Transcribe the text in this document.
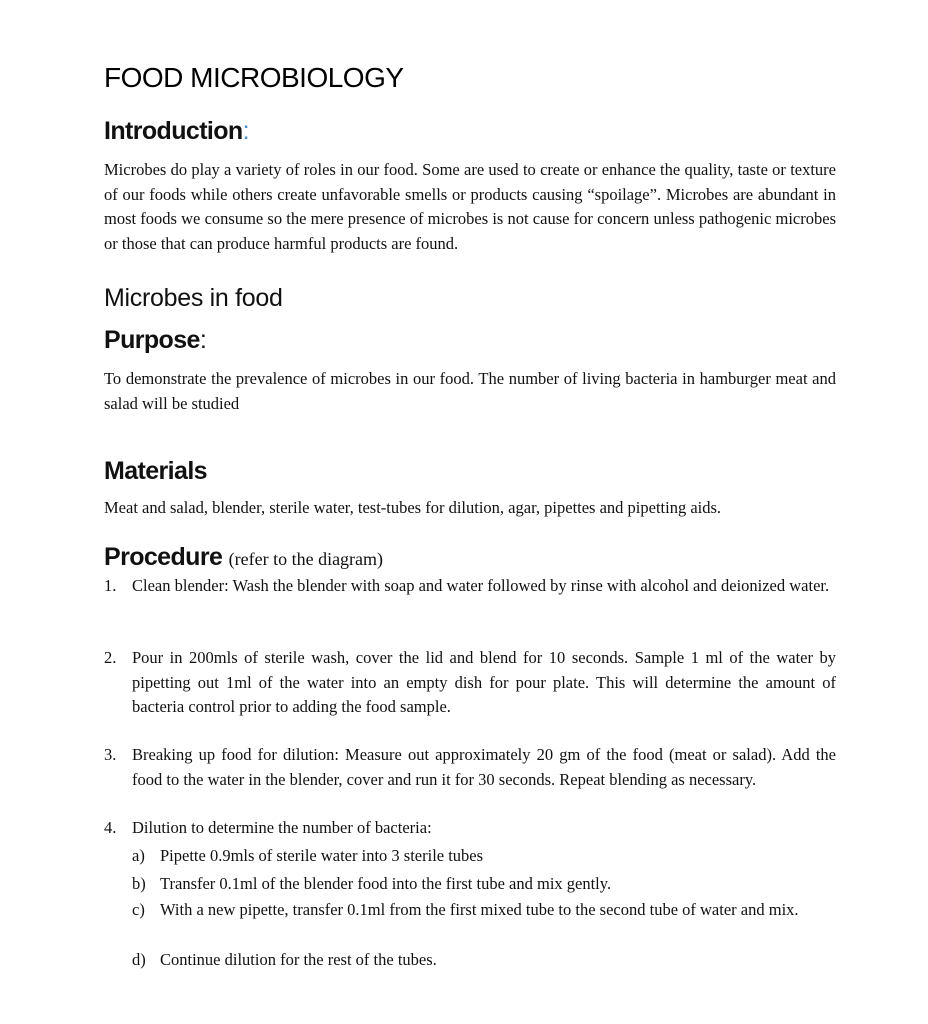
FOOD MICROBIOLOGY
Introduction:

Microbes do play a variety of roles in our food. Some are used to create or enhance the quality, taste or texture of our foods while others create unfavorable smells or products causing “spoilage”. Microbes are abundant in most foods we consume so the mere presence of microbes is not cause for concern unless pathogenic microbes or those that can produce harmful products are found.

Microbes in food
Purpose:

To demonstrate the prevalence of microbes in our food. The number of living bacteria in hamburger meat and salad will be studied

Materials

Meat and salad, blender, sterile water, test-tubes for dilution, agar, pipettes and pipetting aids.

Procedure (refer to the diagram)
1. Clean blender: Wash the blender with soap and water followed by rinse with alcohol and deionized water.
2. Pour in 200mls of sterile wash, cover the lid and blend for 10 seconds. Sample 1 ml of the water by pipetting out 1ml of the water into an empty dish for pour plate. This will determine the amount of bacteria control prior to adding the food sample.
3. Breaking up food for dilution: Measure out approximately 20 gm of the food (meat or salad). Add the food to the water in the blender, cover and run it for 30 seconds. Repeat blending as necessary.
4. Dilution to determine the number of bacteria:
a) Pipette 0.9mls of sterile water into 3 sterile tubes
b) Transfer 0.1ml of the blender food into the first tube and mix gently.
c) With a new pipette, transfer 0.1ml from the first mixed tube to the second tube of water and mix.
d) Continue dilution for the rest of the tubes.
